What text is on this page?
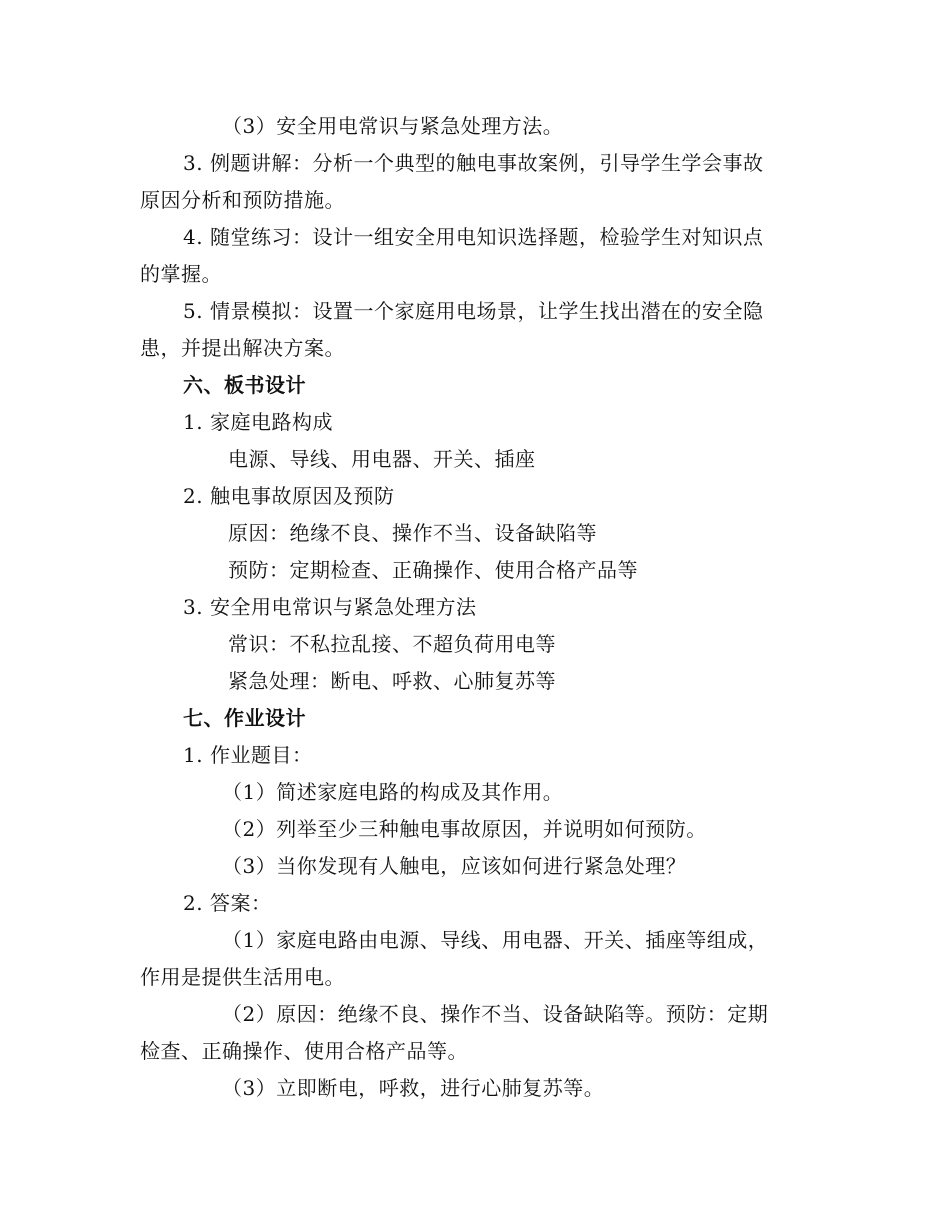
（3）安全用电常识与紧急处理方法。
3. 例题讲解：分析一个典型的触电事故案例，引导学生学会事故
原因分析和预防措施。
4. 随堂练习：设计一组安全用电知识选择题，检验学生对知识点
的掌握。
5. 情景模拟：设置一个家庭用电场景，让学生找出潜在的安全隐
患，并提出解决方案。
六、板书设计
1. 家庭电路构成
电源、导线、用电器、开关、插座
2. 触电事故原因及预防
原因：绝缘不良、操作不当、设备缺陷等
预防：定期检查、正确操作、使用合格产品等
3. 安全用电常识与紧急处理方法
常识：不私拉乱接、不超负荷用电等
紧急处理：断电、呼救、心肺复苏等
七、作业设计
1. 作业题目：
（1）简述家庭电路的构成及其作用。
（2）列举至少三种触电事故原因，并说明如何预防。
（3）当你发现有人触电，应该如何进行紧急处理？
2. 答案：
（1）家庭电路由电源、导线、用电器、开关、插座等组成，
作用是提供生活用电。
（2）原因：绝缘不良、操作不当、设备缺陷等。预防：定期
检查、正确操作、使用合格产品等。
（3）立即断电，呼救，进行心肺复苏等。
